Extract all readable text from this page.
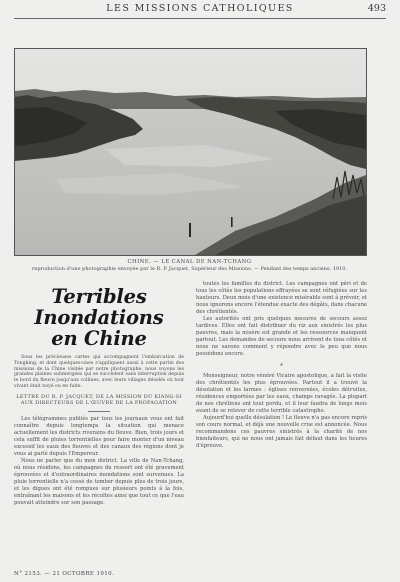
LES MISSIONS CATHOLIQUES	493
CHINE. — LE CANAL DE NAN-TCHANG
reproduction d'une photographie envoyée par le R. P. Jacquet, Supérieur des Missions. — Pendant des temps anciens, 1910.
Terribles Inondations
en Chine

Sous les précieuses cartes qui accompagnent l'embarcation de Tongking, et dont quelques-unes s'appliquent aussi à cette partie des missions de la Chine visitée par notre photographe, nous voyons les grandes plaines submergées qui se succèdent sans interruption depuis le bord du fleuve jusqu'aux collines, avec leurs villages désolés où tout vivant était noyé ou en fuite.

LETTRE DU R. P. JACQUET, DE LA MISSION DU KIANG-SI
AUX DIRECTEURS DE L'ŒUVRE DE LA PROPAGATION

Les télégrammes publiés par tous les journaux vous ont fait connaître depuis longtemps la situation qui menace actuellement les districts riverains du fleuve. Bien, trois jours et cela suffit de pluies torrentielles pour faire monter d'un niveau excessif les eaux des fleuves et des canaux des régions dont je vous ai parlé depuis l'Empereur.

Nous ne parler que du mon district. La ville de Nan-Tchang, où nous résidons, les campagnes du ressort ont été gravement éprouvées et d'extraordinaires inondations sont survenues. La pluie torrentielle n'a cessé de tomber depuis plus de trois jours, et les digues ont été rompues sur plusieurs points à la fois, entraînant les maisons et les récoltes ainsi que tout ce que l'eau pouvait atteindre sur son passage.

toutes les familles du district. Les campagnes ont péri et de tous les côtés les populations effrayées se sont réfugiées sur les hauteurs. Deux mois d'une existence misérable sont à prévoir, et nous ignorons encore l'étendue exacte des dégâts, dans chacune des chrétientés.

Les autorités ont pris quelques mesures de secours assez tardives. Elles ont fait distribuer du riz aux sinistrés les plus pauvres, mais la misère est grande et les ressources manquent partout. Les demandes de secours nous arrivent de tous côtés et nous ne savons comment y répondre avec le peu que nous possédons encore.

*

Monseigneur, notre vénéré Vicaire apostolique, a fait la visite des chrétientés les plus éprouvées. Partout il a trouvé la désolation et les larmes : églises renversées, écoles détruites, résidences emportées par les eaux, champs ravagés. La plupart de nos chrétiens ont tout perdu, et il leur faudra de longs mois avant de se relever de cette terrible catastrophe.

Aujourd'hui quelle désolation ! Le fleuve n'a pas encore repris son cours normal, et déjà une nouvelle crue est annoncée. Nous recommandons ces pauvres sinistrés à la charité de nos bienfaiteurs, qui ne nous ont jamais fait défaut dans les heures d'épreuve.

N° 2153. — 21 OCTOBRE 1910.
